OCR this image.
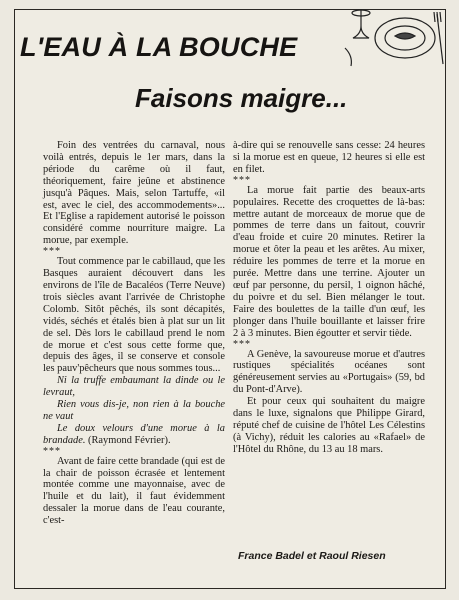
L'EAU À LA BOUCHE
Faisons maigre...

Foin des ventrées du carnaval, nous voilà entrés, depuis le 1er mars, dans la période du carême où il faut, théoriquement, faire jeûne et abstinence jusqu'à Pâques. Mais, selon Tartuffe, «il est, avec le ciel, des accommodements»... Et l'Eglise a rapidement autorisé le poisson considéré comme nourriture maigre. La morue, par exemple.

***

Tout commence par le cabillaud, que les Basques auraient découvert dans les environs de l'île de Bacaléos (Terre Neuve) trois siècles avant l'arrivée de Christophe Colomb. Sitôt pêchés, ils sont décapités, vidés, séchés et étalés bien à plat sur un lit de sel. Dès lors le cabillaud prend le nom de morue et c'est sous cette forme que, depuis des âges, il se conserve et console les pauv'pêcheurs que nous sommes tous...

Ni la truffe embaumant la dinde ou le levraut,

Rien vous dis-je, non rien à la bouche ne vaut

Le doux velours d'une morue à la brandade. (Raymond Février).

***

Avant de faire cette brandade (qui est de la chair de poisson écrasée et lentement montée comme une mayonnaise, avec de l'huile et du lait), il faut évidemment dessaler la morue dans de l'eau courante, c'est-

à-dire qui se renouvelle sans cesse: 24 heures si la morue est en queue, 12 heures si elle est en filet.

***

La morue fait partie des beaux-arts populaires. Recette des croquettes de là-bas: mettre autant de morceaux de morue que de pommes de terre dans un faitout, couvrir d'eau froide et cuire 20 minutes. Retirer la morue et ôter la peau et les arêtes. Au mixer, réduire les pommes de terre et la morue en purée. Mettre dans une terrine. Ajouter un œuf par personne, du persil, 1 oignon hâché, du poivre et du sel. Bien mélanger le tout. Faire des boulettes de la taille d'un œuf, les plonger dans l'huile bouillante et laisser frire 2 à 3 minutes. Bien égoutter et servir tiède.

***

A Genève, la savoureuse morue et d'autres rustiques spécialités océanes sont généreusement servies au «Portugais» (59, bd du Pont-d'Arve).

Et pour ceux qui souhaitent du maigre dans le luxe, signalons que Philippe Girard, réputé chef de cuisine de l'hôtel Les Célestins (à Vichy), réduit les calories au «Rafael» de l'Hôtel du Rhône, du 13 au 18 mars.

France Badel et Raoul Riesen
